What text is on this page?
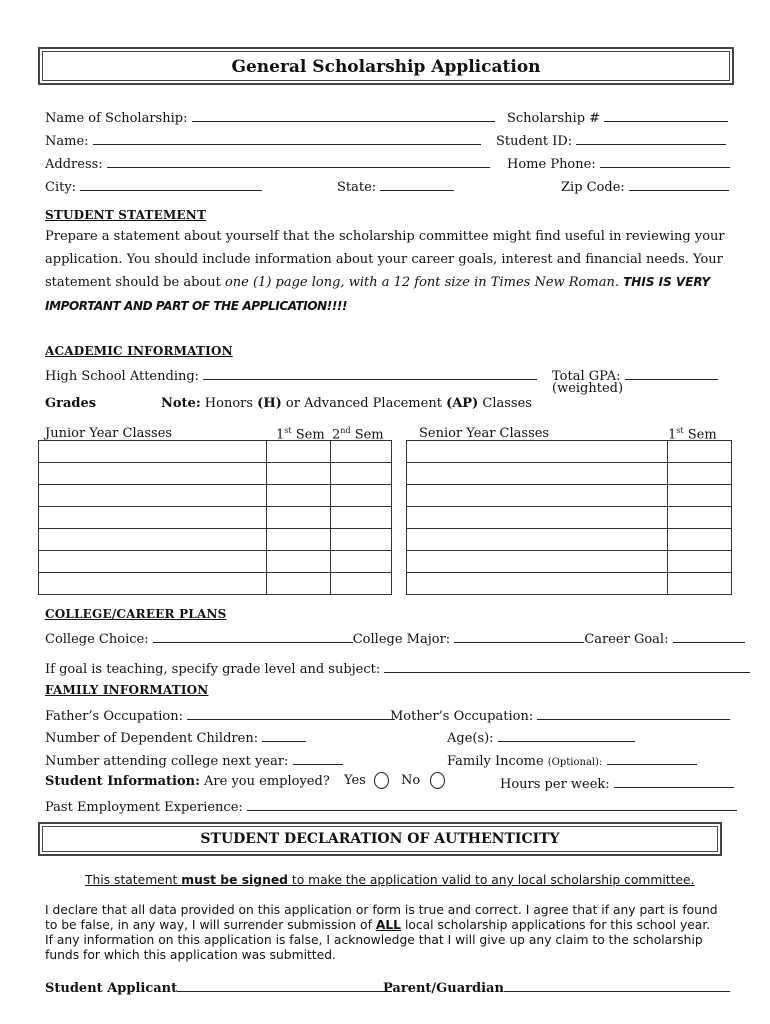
General Scholarship Application
Name of Scholarship:	Scholarship #
Name:	Student ID:
Address:	Home Phone:
City:	State:	Zip Code:
STUDENT STATEMENT
Prepare a statement about yourself that the scholarship committee might find useful in reviewing your
application. You should include information about your career goals, interest and financial needs. Your
statement should be about one (1) page long, with a 12 font size in Times New Roman. THIS IS VERY
IMPORTANT AND PART OF THE APPLICATION!!!!
ACADEMIC INFORMATION
High School Attending:	Total GPA:
(weighted)
Grades	Note: Honors (H) or Advanced Placement (AP) Classes
Junior Year Classes	1st Sem 2nd Sem	Senior Year Classes	1st Sem

COLLEGE/CAREER PLANS
College Choice:	College Major:	Career Goal:
If goal is teaching, specify grade level and subject:
FAMILY INFORMATION
Father’s Occupation:	Mother’s Occupation:
Number of Dependent Children:	Age(s):
Number attending college next year:	Family Income (Optional):
Student Information: Are you employed? Yes	No	Hours per week:
Past Employment Experience:
STUDENT DECLARATION OF AUTHENTICITY
This statement must be signed to make the application valid to any local scholarship committee.
I declare that all data provided on this application or form is true and correct. I agree that if any part is found
to be false, in any way, I will surrender submission of ALL local scholarship applications for this school year.
If any information on this application is false, I acknowledge that I will give up any claim to the scholarship
funds for which this application was submitted.
Student Applicant	Parent/Guardian
